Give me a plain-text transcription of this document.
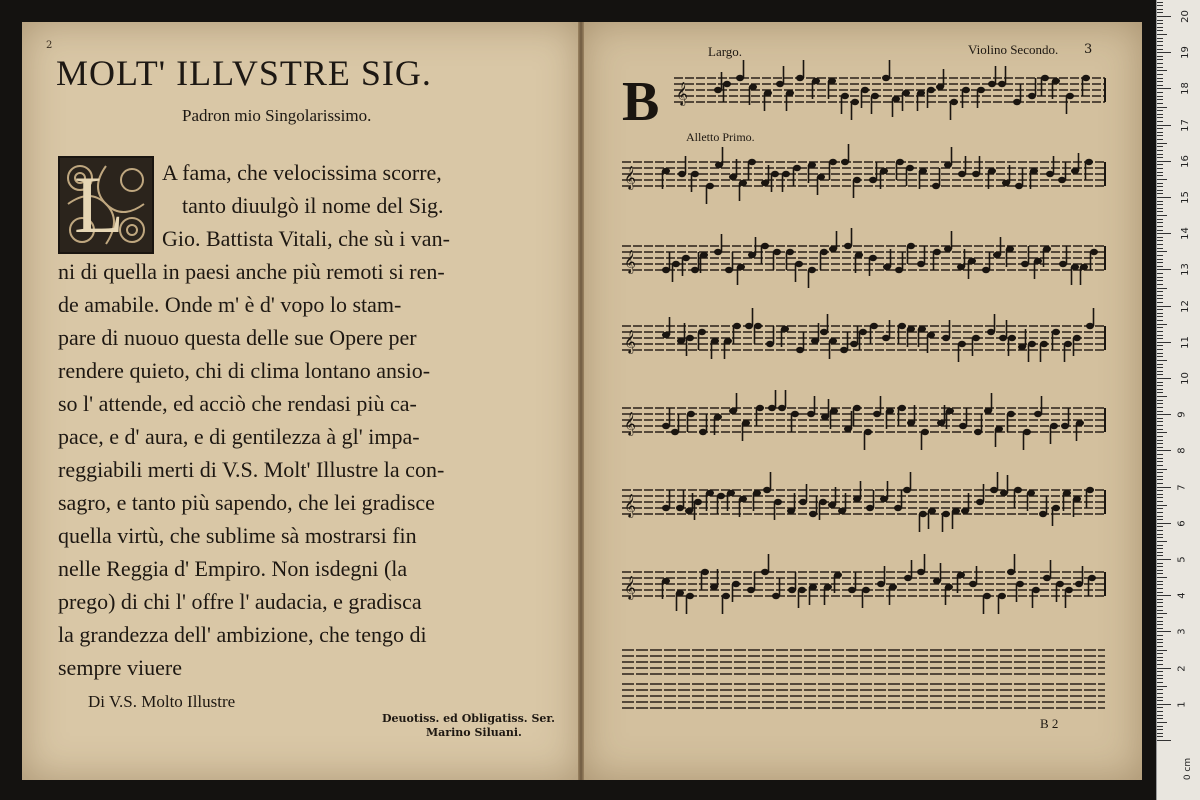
2
MOLT' ILLVSTRE SIG.
Padron mio Singolarissimo.
L A fama, che velocissima scorre,
tanto diuulgò il nome del Sig.
Gio. Battista Vitali, che sù i van-
ni di quella in paesi anche più remoti si ren-
de amabile. Onde m' è d' vopo lo stam-
pare di nuouo questa delle sue Opere per
rendere quieto, chi di clima lontano ansio-
so l' attende, ed acciò che rendasi più ca-
pace, e d' aura, e di gentilezza à gl' impa-
reggiabili merti di V.S. Molt' Illustre la con-
sagro, e tanto più sapendo, che lei gradisce
quella virtù, che sublime sà mostrarsi fin
nelle Reggia d' Empiro. Non isdegni (la
prego) di chi l' offre l' audacia, e gradisca
la grandezza dell' ambizione, che tengo di
sempre viuere
Di V.S. Molto Illustre
Deuotiss. ed Obligatiss. Ser.
Marino Siluani.
Largo.	Violino Secondo. 3
B
Alletto Primo.
𝄞
𝄞
𝄞
𝄞
𝄞
𝄞
𝄞
B 2
0 cm
1
2
3
4
5
6
7
8
9
10
11
12
13
14
15
16
17
18
19
20
